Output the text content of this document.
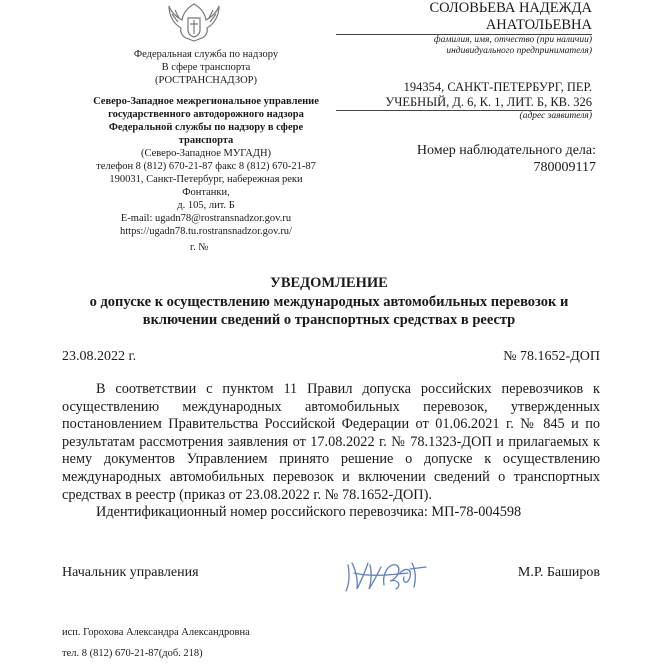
Федеральная служба по надзору
В сфере транспорта
(РОСТРАНСНАДЗОР)
Северо-Западное межрегиональное управление
государственного автодорожного надзора
Федеральной службы по надзору в сфере
транспорта
(Северо-Западное МУГАДН)
телефон 8 (812) 670-21-87 факс 8 (812) 670-21-87
190031, Санкт-Петербург, набережная реки Фонтанки,
д. 105, лит. Б
E-mail: ugadn78@rostransnadzor.gov.ru
https://ugadn78.tu.rostransnadzor.gov.ru/
г. №
СОЛОВЬЕВА НАДЕЖДА
АНАТОЛЬЕВНА
фамилия, имя, отчество (при наличии)
индивидуального предпринимателя)
194354, САНКТ-ПЕТЕРБУРГ, ПЕР.
УЧЕБНЫЙ, Д. 6, К. 1, ЛИТ. Б, КВ. 326
(адрес заявителя)
Номер наблюдательного дела:
780009117
УВЕДОМЛЕНИЕ
о допуске к осуществлению международных автомобильных перевозок и
включении сведений о транспортных средствах в реестр
23.08.2022 г.	№ 78.1652-ДОП

В соответствии с пунктом 11 Правил допуска российских перевозчиков к осуществлению международных автомобильных перевозок, утвержденных постановлением Правительства Российской Федерации от 01.06.2021 г. № 845 и по результатам рассмотрения заявления от 17.08.2022 г. № 78.1323-ДОП и прилагаемых к нему документов Управлением принято решение о допуске к осуществлению международных автомобильных перевозок и включении сведений о транспортных средствах в реестр (приказ от 23.08.2022 г. № 78.1652-ДОП).

Идентификационный номер российского перевозчика: МП-78-004598

Начальник управления	М.Р. Баширов
исп. Горохова Александра Александровна
тел. 8 (812) 670-21-87(доб. 218)
